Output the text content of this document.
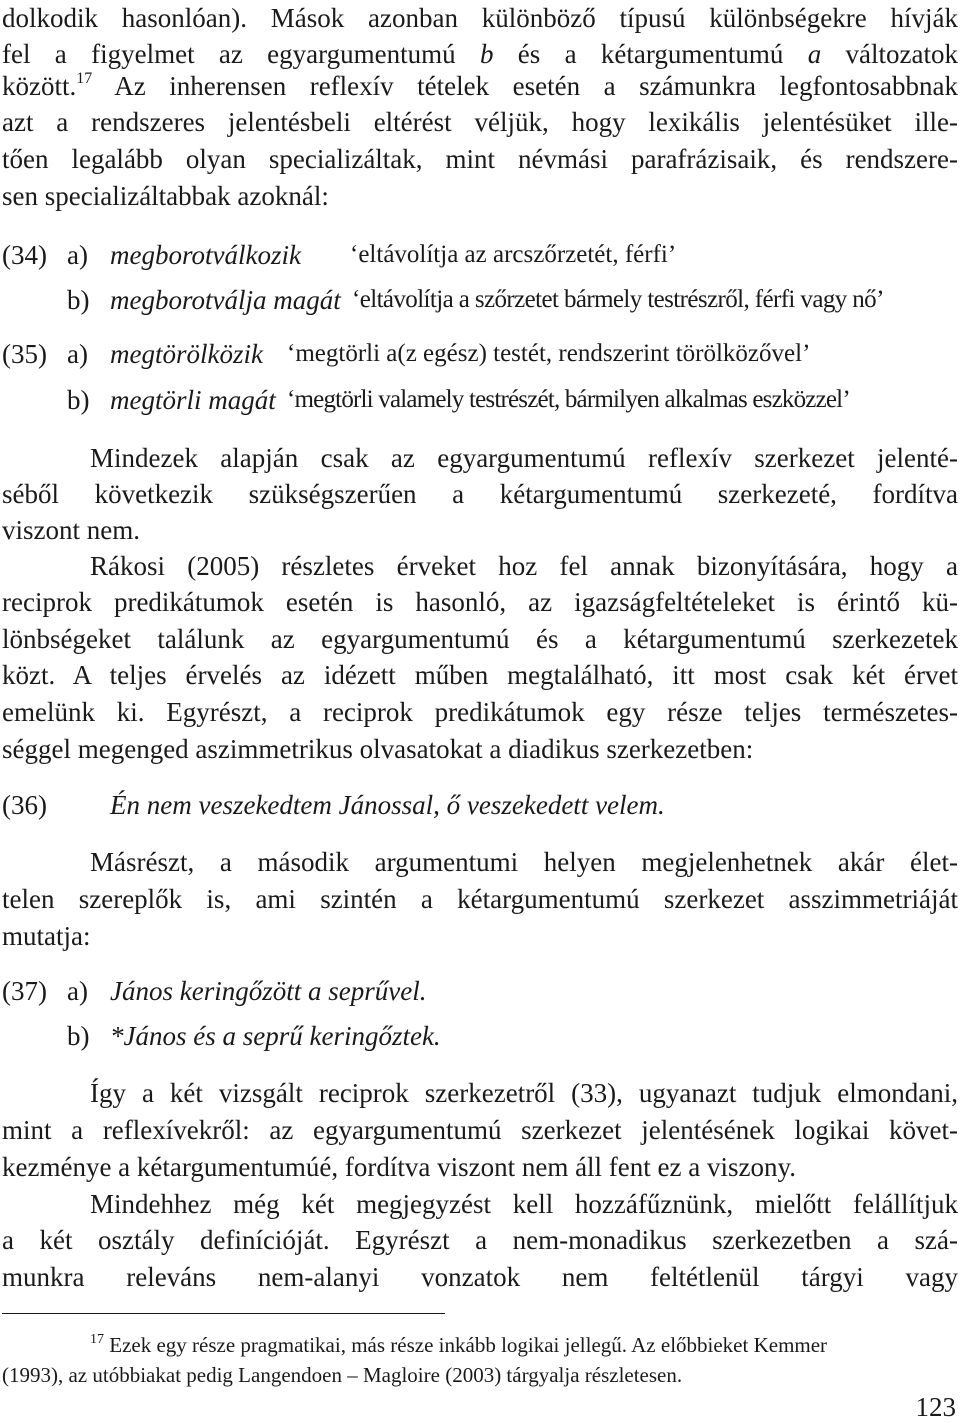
dolkodik hasonlóan). Mások azonban különböző típusú különbségekre hívják
fel a figyelmet az egyargumentumú b és a kétargumentumú a változatok
között.$^{17}$ Az inherensen reflexív tételek esetén a számunkra legfontosabbnak
azt a rendszeres jelentésbeli eltérést véljük, hogy lexikális jelentésüket ille-
tően legalább olyan specializáltak, mint névmási parafrázisaik, és rendszere-
sen specializáltabbak azoknál:
(34) a) megborotválkozik ‘eltávolítja az arcszőrzetét, férfi’
b) megborotválja magát ‘eltávolítja a szőrzetet bármely testrészről, férfi vagy nő’
(35) a) megtörölközik ‘megtörli a(z egész) testét, rendszerint törölközővel’
b) megtörli magát ‘megtörli valamely testrészét, bármilyen alkalmas eszközzel’
Mindezek alapján csak az egyargumentumú reflexív szerkezet jelenté-
séből következik szükségszerűen a kétargumentumú szerkezeté, fordítva
viszont nem.
Rákosi (2005) részletes érveket hoz fel annak bizonyítására, hogy a
reciprok predikátumok esetén is hasonló, az igazságfeltételeket is érintő kü-
lönbségeket találunk az egyargumentumú és a kétargumentumú szerkezetek
közt. A teljes érvelés az idézett műben megtalálható, itt most csak két érvet
emelünk ki. Egyrészt, a reciprok predikátumok egy része teljes természetes-
séggel megenged aszimmetrikus olvasatokat a diadikus szerkezetben:
(36) Én nem veszekedtem Jánossal, ő veszekedett velem.
Másrészt, a második argumentumi helyen megjelenhetnek akár élet-
telen szereplők is, ami szintén a kétargumentumú szerkezet asszimmetriáját
mutatja:
(37) a) János keringőzött a seprűvel.
b) *János és a seprű keringőztek.
Így a két vizsgált reciprok szerkezetről (33), ugyanazt tudjuk elmondani,
mint a reflexívekről: az egyargumentumú szerkezet jelentésének logikai követ-
kezménye a kétargumentumúé, fordítva viszont nem áll fent ez a viszony.
Mindehhez még két megjegyzést kell hozzáfűznünk, mielőtt felállítjuk
a két osztály definícióját. Egyrészt a nem-monadikus szerkezetben a szá-
munkra releváns nem-alanyi vonzatok nem feltétlenül tárgyi vagy
$^{17}$ Ezek egy része pragmatikai, más része inkább logikai jellegű. Az előbbieket Kemmer
(1993), az utóbbiakat pedig Langendoen – Magloire (2003) tárgyalja részletesen.
123
